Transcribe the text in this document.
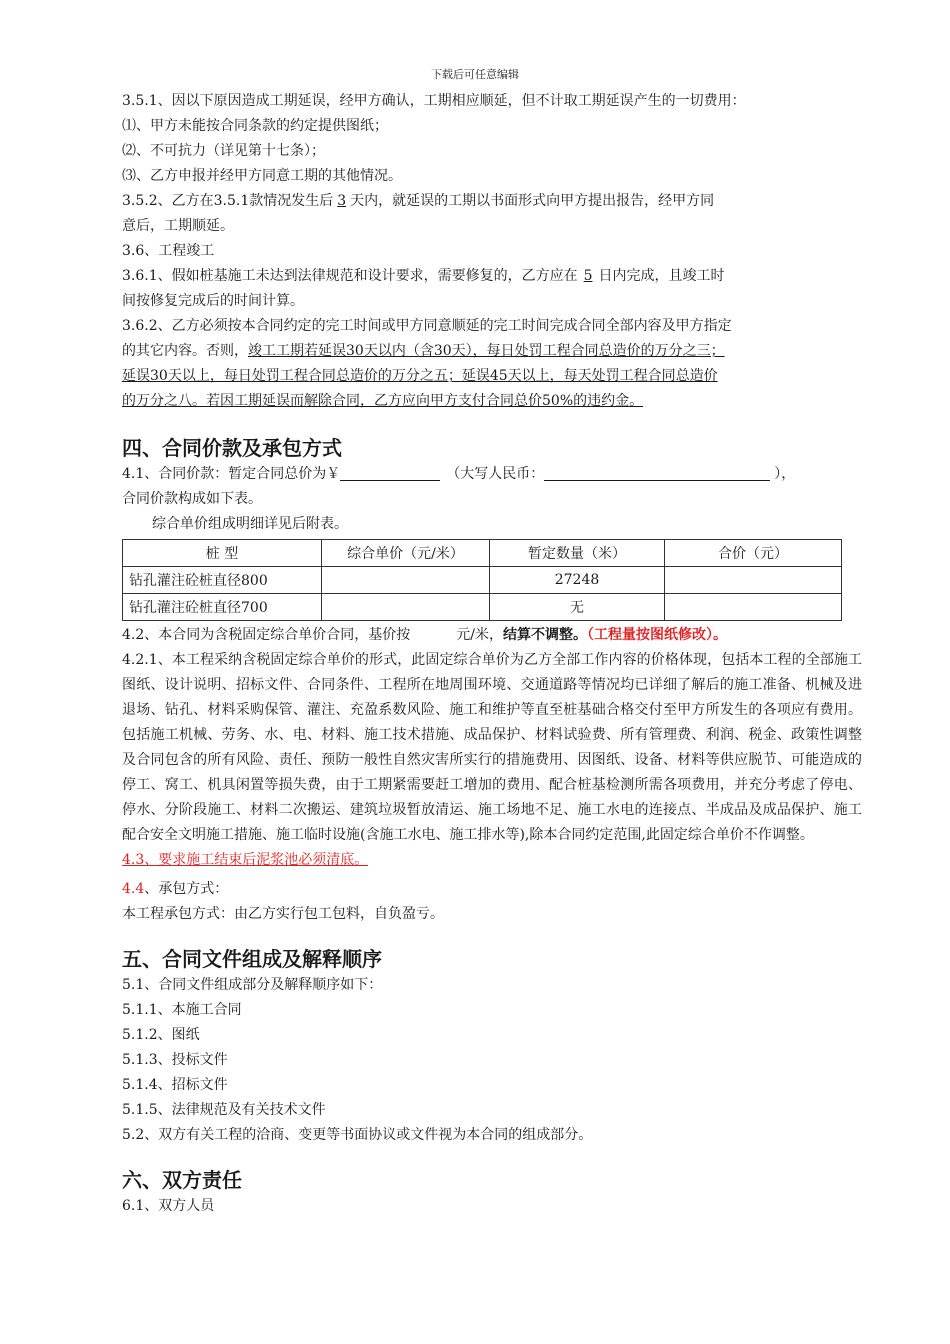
下载后可任意编辑
3.5.1、因以下原因造成工期延误，经甲方确认，工期相应顺延，但不计取工期延误产生的一切费用：
⑴、甲方未能按合同条款的约定提供图纸；
⑵、不可抗力（详见第十七条）；
⑶、乙方申报并经甲方同意工期的其他情况。
3.5.2、乙方在3.5.1款情况发生后 3 天内，就延误的工期以书面形式向甲方提出报告，经甲方同
意后，工期顺延。
3.6、工程竣工
3.6.1、假如桩基施工未达到法律规范和设计要求，需要修复的，乙方应在 5 日内完成，且竣工时
间按修复完成后的时间计算。
3.6.2、乙方必须按本合同约定的完工时间或甲方同意顺延的完工时间完成合同全部内容及甲方指定
的其它内容。否则，竣工工期若延误30天以内（含30天），每日处罚工程合同总造价的万分之三；
延误30天以上，每日处罚工程合同总造价的万分之五；延误45天以上，每天处罚工程合同总造价
的万分之八。若因工期延误而解除合同，乙方应向甲方支付合同总价50%的违约金。
四、合同价款及承包方式
4.1、合同价款：暂定合同总价为￥	（大写人民币：	），
合同价款构成如下表。
综合单价组成明细详见后附表。
桩 型	综合单价（元/米）	暂定数量（米）	合价（元）
钻孔灌注砼桩直径800		27248	
钻孔灌注砼桩直径700		无	
4.2、本合同为含税固定综合单价合同，基价按	元/米，结算不调整。（工程量按图纸修改）。
4.2.1、本工程采纳含税固定综合单价的形式，此固定综合单价为乙方全部工作内容的价格体现，包括本工程的全部施工图纸、设计说明、招标文件、合同条件、工程所在地周围环境、交通道路等情况均已详细了解后的施工准备、机械及进退场、钻孔、材料采购保管、灌注、充盈系数风险、施工和维护等直至桩基础合格交付至甲方所发生的各项应有费用。包括施工机械、劳务、水、电、材料、施工技术措施、成品保护、材料试验费、所有管理费、利润、税金、政策性调整及合同包含的所有风险、责任、预防一般性自然灾害所实行的措施费用、因图纸、设备、材料等供应脱节、可能造成的停工、窝工、机具闲置等损失费，由于工期紧需要赶工增加的费用、配合桩基检测所需各项费用，并充分考虑了停电、停水、分阶段施工、材料二次搬运、建筑垃圾暂放清运、施工场地不足、施工水电的连接点、半成品及成品保护、施工配合安全文明施工措施、施工临时设施(含施工水电、施工排水等),除本合同约定范围,此固定综合单价不作调整。
4.3、要求施工结束后泥浆池必须清底。
4.4、承包方式：
本工程承包方式：由乙方实行包工包料，自负盈亏。
五、合同文件组成及解释顺序
5.1、合同文件组成部分及解释顺序如下：
5.1.1、本施工合同
5.1.2、图纸
5.1.3、投标文件
5.1.4、招标文件
5.1.5、法律规范及有关技术文件
5.2、双方有关工程的洽商、变更等书面协议或文件视为本合同的组成部分。
六、双方责任
6.1、双方人员
